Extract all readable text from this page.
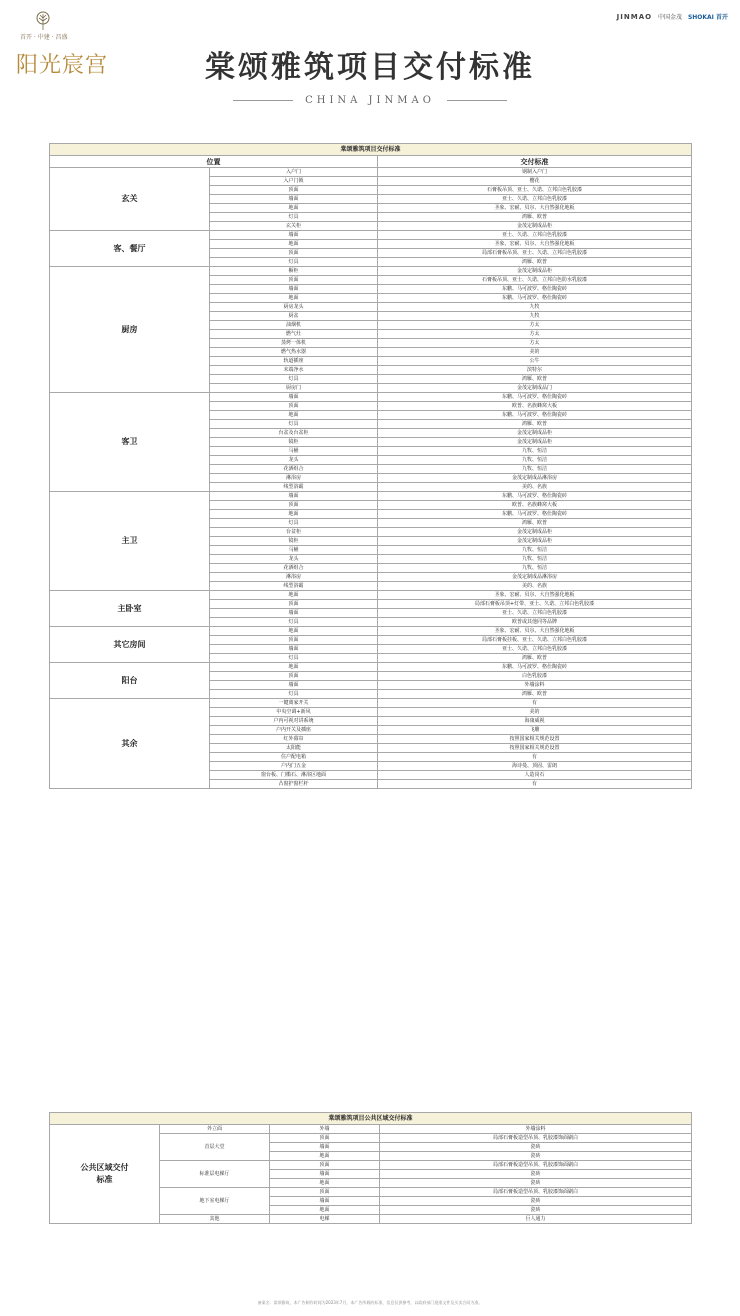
首开 · 中建 · 昌盛
阳光宸宫
JINMAO 中国金茂 SHOKAI 首开
棠颂雅筑项目交付标准
CHINA JINMAO
棠颂雅筑项目交付标准		
位置		交付标准
玄关	入户门	钢制入户门
	入户门锁	樱花
	顶面	石膏板吊顶、亚士、久诺、立邦白色乳胶漆
	墙面	亚士、久诺、立邦白色乳胶漆
	地面	圣象、宏耐、贝尔、大自然强化地板
	灯具	鸿雁、欧普
	玄关柜	金茂定制成品柜
客、餐厅	墙面	亚士、久诺、立邦白色乳胶漆
	地面	圣象、宏耐、贝尔、大自然强化地板
	顶面	局部石膏板吊顶、亚士、久诺、立邦白色乳胶漆
	灯具	鸿雁、欧普
厨房	橱柜	金茂定制成品柜
	顶面	石膏板吊顶、亚士、久诺、立邦白色防水乳胶漆
	墙面	东鹏、马可波罗、格仕陶瓷砖
	地面	东鹏、马可波罗、格仕陶瓷砖
	厨房龙头	九牧
	厨盆	九牧
	油烟机	方太
	燃气灶	方太
	蒸烤一体机	方太
	燃气热水器	美的
	轨道插座	公牛
	末端净水	滨特尔
	灯具	鸿雁、欧普
	厨房门	金茂定制成品门
客卫	墙面	东鹏、马可波罗、格仕陶瓷砖
	顶面	欧普、名族蜂窝大板
	地面	东鹏、马可波罗、格仕陶瓷砖
	灯具	鸿雁、欧普
	台盆及台盆柜	金茂定制成品柜
	镜柜	金茂定制成品柜
	马桶	九牧、恒洁
	龙头	九牧、恒洁
	花洒组合	九牧、恒洁
	淋浴房	金茂定制成品淋浴房
	线型浴霸	美的、名族
主卫	墙面	东鹏、马可波罗、格仕陶瓷砖
	顶面	欧普、名族蜂窝大板
	地面	东鹏、马可波罗、格仕陶瓷砖
	灯具	鸿雁、欧普
	台盆柜	金茂定制成品柜
	镜柜	金茂定制成品柜
	马桶	九牧、恒洁
	龙头	九牧、恒洁
	花洒组合	九牧、恒洁
	淋浴房	金茂定制成品淋浴房
	线型浴霸	美的、名族
主卧室	地面	圣象、宏耐、贝尔、大自然强化地板
	顶面	局部石膏板吊顶+灯带、亚士、久诺、立邦白色乳胶漆
	墙面	亚士、久诺、立邦白色乳胶漆
	灯具	欧普或其他同等品牌
其它房间	地面	圣象、宏耐、贝尔、大自然强化地板
	顶面	局部石膏板挂板、亚士、久诺、立邦白色乳胶漆
	墙面	亚士、久诺、立邦白色乳胶漆
	灯具	鸿雁、欧普
阳台	地面	东鹏、马可波罗、格仕陶瓷砖
	顶面	白色乳胶漆
	墙面	外墙涂料
	灯具	鸿雁、欧普
其余	一键离家开关	有
	中央空调+新风	美的
	户内可视对讲系统	海康威视
	户内开关及插座	飞雕
	红外幕帘	按照国家相关规范设置
	太阳能	按照国家相关规范设置
	住户配电箱	有
	户内门五金	海诗曼、顶固、雷朗
	窗台板、门槛石、淋浴区地面	人造岗石
	凸窗护窗栏杆	有
棠颂雅筑项目公共区域交付标准			
公共区域交付标准	外立面	外墙	外墙涂料
	首层大堂	顶面	局部石膏板造型吊顶、乳胶漆饰面刷白
		墙面	瓷砖
		地面	瓷砖
	标准层电梯厅	顶面	局部石膏板造型吊顶、乳胶漆饰面刷白
		墙面	瓷砖
		地面	瓷砖
	地下室电梯厅	顶面	局部石膏板造型吊顶、乳胶漆饰面刷白
		墙面	瓷砖
		地面	瓷砖
	其他	电梯	巨人通力
备案名：棠颂雅筑，本广告制作时间为2023年7月，本广告所载的标准、信息仅供参考，以政府部门批准文件及买卖合同为准。
